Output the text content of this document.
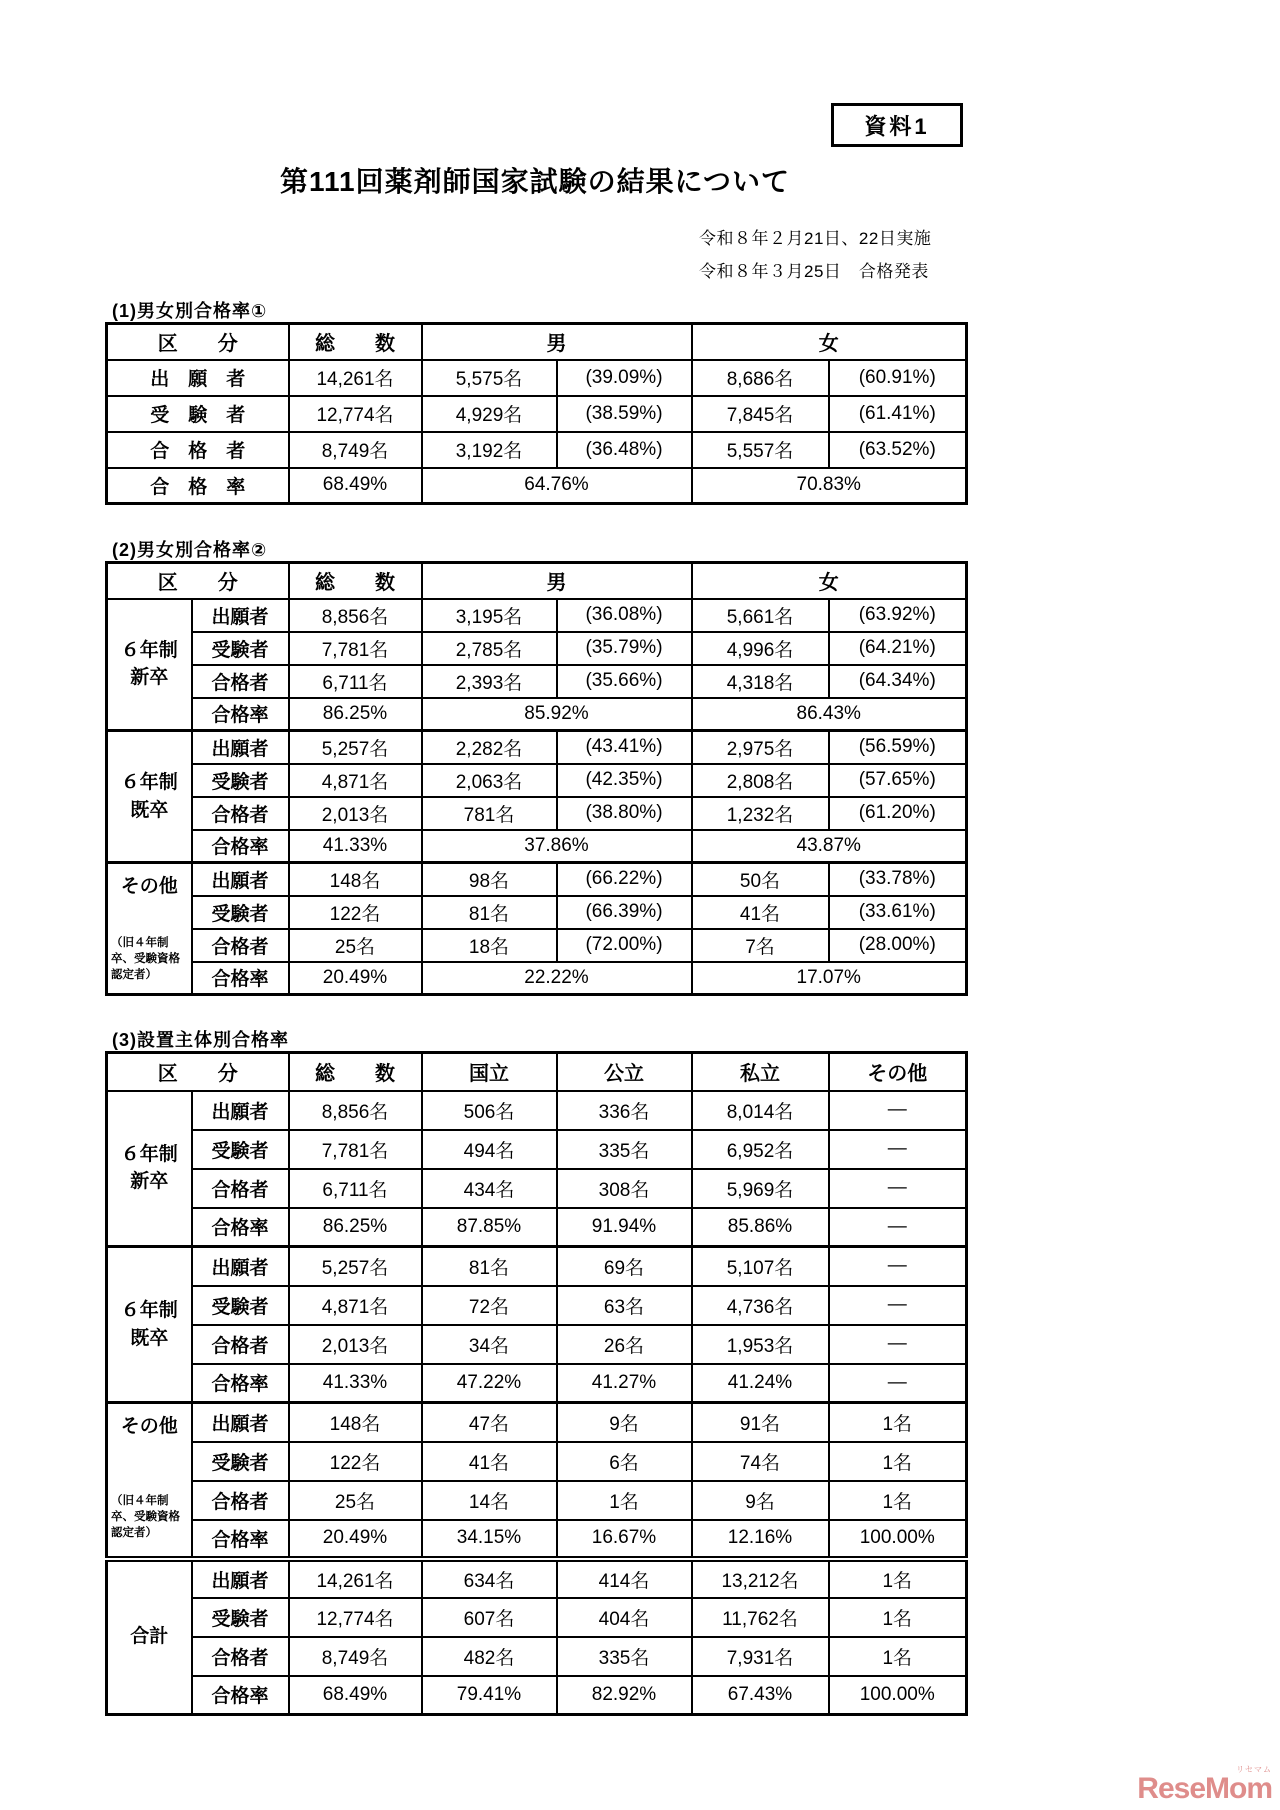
資料1
第111回薬剤師国家試験の結果について
令和８年２月21日、22日実施
令和８年３月25日　合格発表
(1)男女別合格率①
区　　分	総　　数	男		女	
出　願　者	14,261名	5,575名	(39.09%)	8,686名	(60.91%)
受　験　者	12,774名	4,929名	(38.59%)	7,845名	(61.41%)
合　格　者	8,749名	3,192名	(36.48%)	5,557名	(63.52%)
合　格　率	68.49%	64.76%		70.83%	
(2)男女別合格率②
区　　分		総　　数	男		女	

６年制
新卒	出願者	8,856名	3,195名	(36.08%)	5,661名	(63.92%)
	受験者	7,781名	2,785名	(35.79%)	4,996名	(64.21%)
	合格者	6,711名	2,393名	(35.66%)	4,318名	(64.34%)
	合格率	86.25%	85.92%		86.43%	

６年制
既卒	出願者	5,257名	2,282名	(43.41%)	2,975名	(56.59%)
	受験者	4,871名	2,063名	(42.35%)	2,808名	(57.65%)
	合格者	2,013名	781名	(38.80%)	1,232名	(61.20%)
	合格率	41.33%	37.86%		43.87%	

その他
（旧４年制卒、受験資格認定者）	出願者	148名	98名	(66.22%)	50名	(33.78%)
	受験者	122名	81名	(66.39%)	41名	(33.61%)
	合格者	25名	18名	(72.00%)	7名	(28.00%)
	合格率	20.49%	22.22%		17.07%	
(3)設置主体別合格率
区　　分		総　　数	国立	公立	私立	その他

６年制
新卒	出願者	8,856名	506名	336名	8,014名	―
	受験者	7,781名	494名	335名	6,952名	―
	合格者	6,711名	434名	308名	5,969名	―
	合格率	86.25%	87.85%	91.94%	85.86%	―

６年制
既卒	出願者	5,257名	81名	69名	5,107名	―
	受験者	4,871名	72名	63名	4,736名	―
	合格者	2,013名	34名	26名	1,953名	―
	合格率	41.33%	47.22%	41.27%	41.24%	―

その他
（旧４年制卒、受験資格認定者）	出願者	148名	47名	9名	91名	1名
	受験者	122名	41名	6名	74名	1名
	合格者	25名	14名	1名	9名	1名
	合格率	20.49%	34.15%	16.67%	12.16%	100.00%

合計	出願者	14,261名	634名	414名	13,212名	1名
	受験者	12,774名	607名	404名	11,762名	1名
	合格者	8,749名	482名	335名	7,931名	1名
	合格率	68.49%	79.41%	82.92%	67.43%	100.00%
リセマム
ReseMom
